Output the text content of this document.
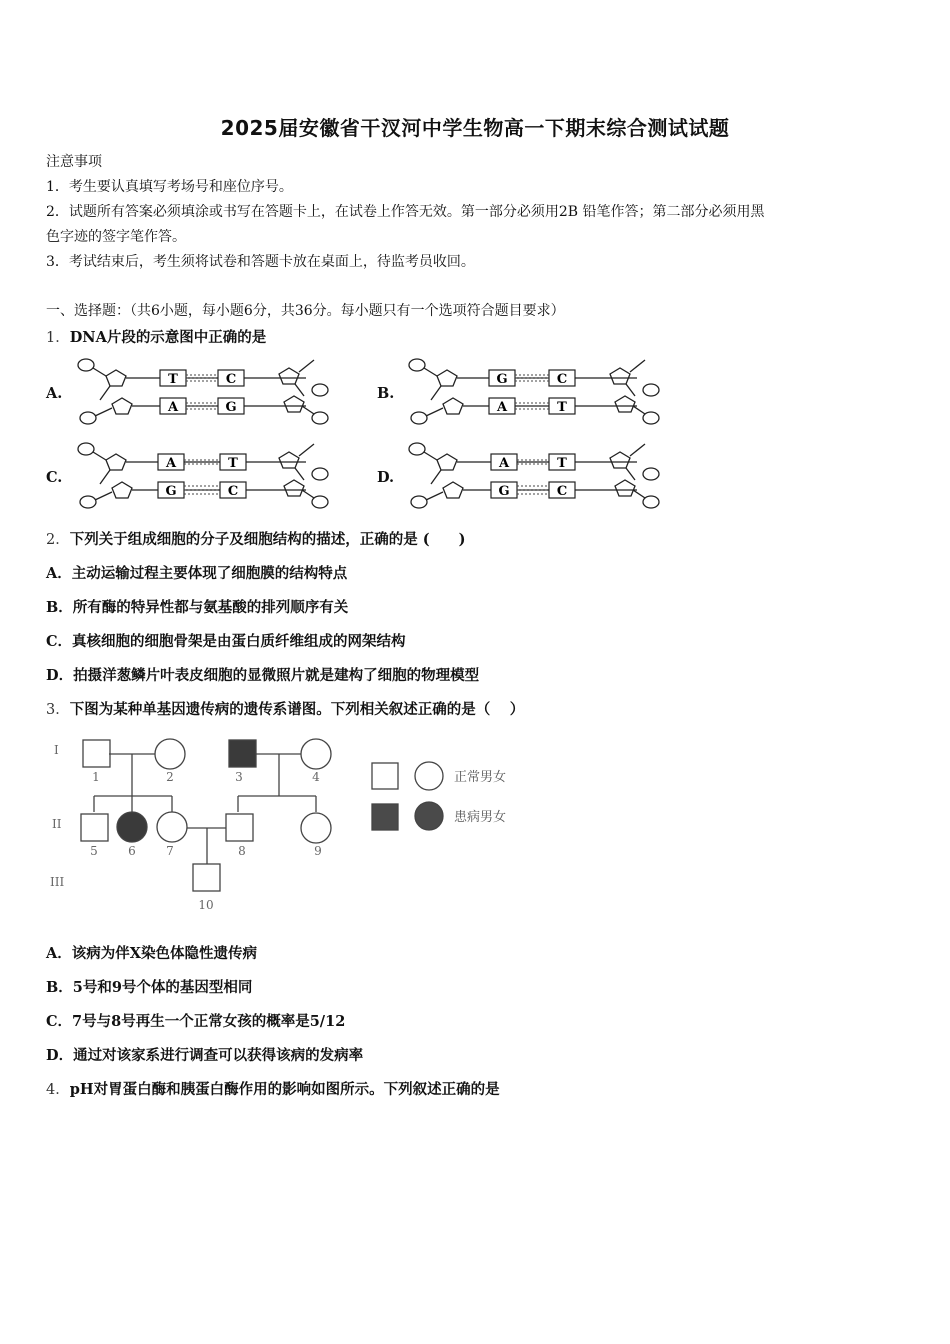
2025届安徽省干汊河中学生物高一下期末综合测试试题
注意事项
1．考生要认真填写考场号和座位序号。
2．试题所有答案必须填涂或书写在答题卡上，在试卷上作答无效。第一部分必须用2B 铅笔作答；第二部分必须用黑
色字迹的签字笔作答。
3．考试结束后，考生须将试卷和答题卡放在桌面上，待监考员收回。
一、选择题：（共6小题，每小题6分，共36分。每小题只有一个选项符合题目要求）
1．DNA片段的示意图中正确的是
A.	B.
C.	D.
T	C
A	G
G	C
A	T
A	T
G	C
A	T
G	C
2．下列关于组成细胞的分子及细胞结构的描述，正确的是 (　　)
A．主动运输过程主要体现了细胞膜的结构特点
B．所有酶的特异性都与氨基酸的排列顺序有关
C．真核细胞的细胞骨架是由蛋白质纤维组成的网架结构
D．拍摄洋葱鳞片叶表皮细胞的显微照片就是建构了细胞的物理模型
3．下图为某种单基因遗传病的遗传系谱图。下列相关叙述正确的是（　 ）
I
II
III
1	2	3	4
5	6	7	8	9
10
正常男女
患病男女
A．该病为伴X染色体隐性遗传病
B．5号和9号个体的基因型相同
C．7号与8号再生一个正常女孩的概率是5/12
D．通过对该家系进行调查可以获得该病的发病率
4．pH对胃蛋白酶和胰蛋白酶作用的影响如图所示。下列叙述正确的是
